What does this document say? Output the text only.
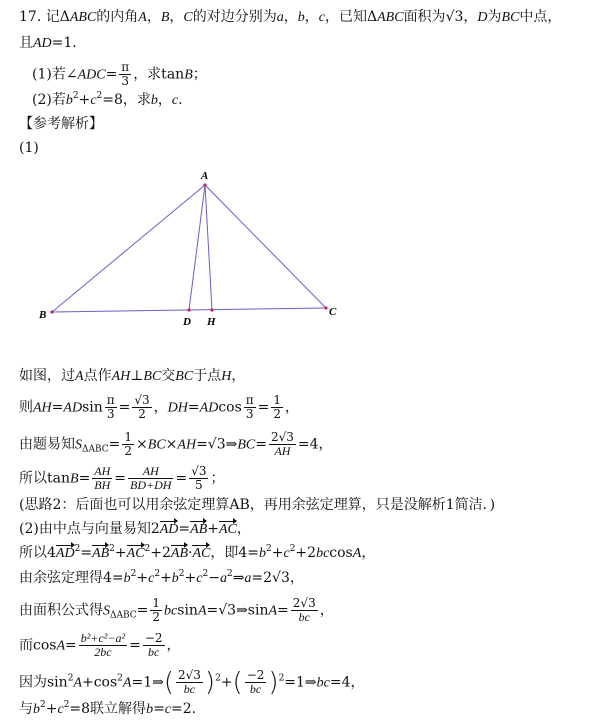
17. 记ΔABC的内角A，B，C的对边分别为a，b，c，已知ΔABC面积为√3，D为BC中点，
且AD=1.
(1)若∠ADC= $\frac{\pi}{3}$ ，求tanB；
(2)若$b^2+c^2=8$，求b，c.
【参考解析】
(1)
A
B	C
D H
如图，过A点作AH⊥BC交BC于点H，
则$AH=ADsin \frac{\pi}{3} = \frac{√3}{2}$ ，$DH=ADcos \frac{\pi}{3} = \frac{1}{2}$ ，
由题易知$S_{\Delta ABC}= \frac{1}{2}$ ×BC×AH=√3⇒BC= $\frac{2√3}{AH} =4$，
所以$\tan B= \frac{AH}{BH} = \frac{AH}{BD+DH} = \frac{√3}{5}$ ；
(思路2：后面也可以用余弦定理算AB，再用余弦定理算，只是没解析1简洁．)
(2)由中点与向量易知2AD=AB+AC，
所以$4AD^2=AB^2+AC^2+2AB\cdot AC$，即$4=b^2+c^2+2bccosA$，
由余弦定理得$4=b^2+c^2+b^2+c^2-a^2\Rightarrow a=2√3$，
由面积公式得$S_{\Delta ABC}= \frac{1}{2}$ bcsinA=√3⇒sinA= $\frac{2√3}{bc}$ ，
而$\cos A= \frac{\text{b²+c²−a²}}{2bc} = \frac{-2}{bc}$ ，
因为$\sin^2A+\cos^2A=1\Rightarrow( \frac{2√3}{bc} )^2+( \frac{-2}{bc}$ )$^2=1\Rightarrow bc=4$，
与$b^2+c^2=8$联立解得b=c=2.
